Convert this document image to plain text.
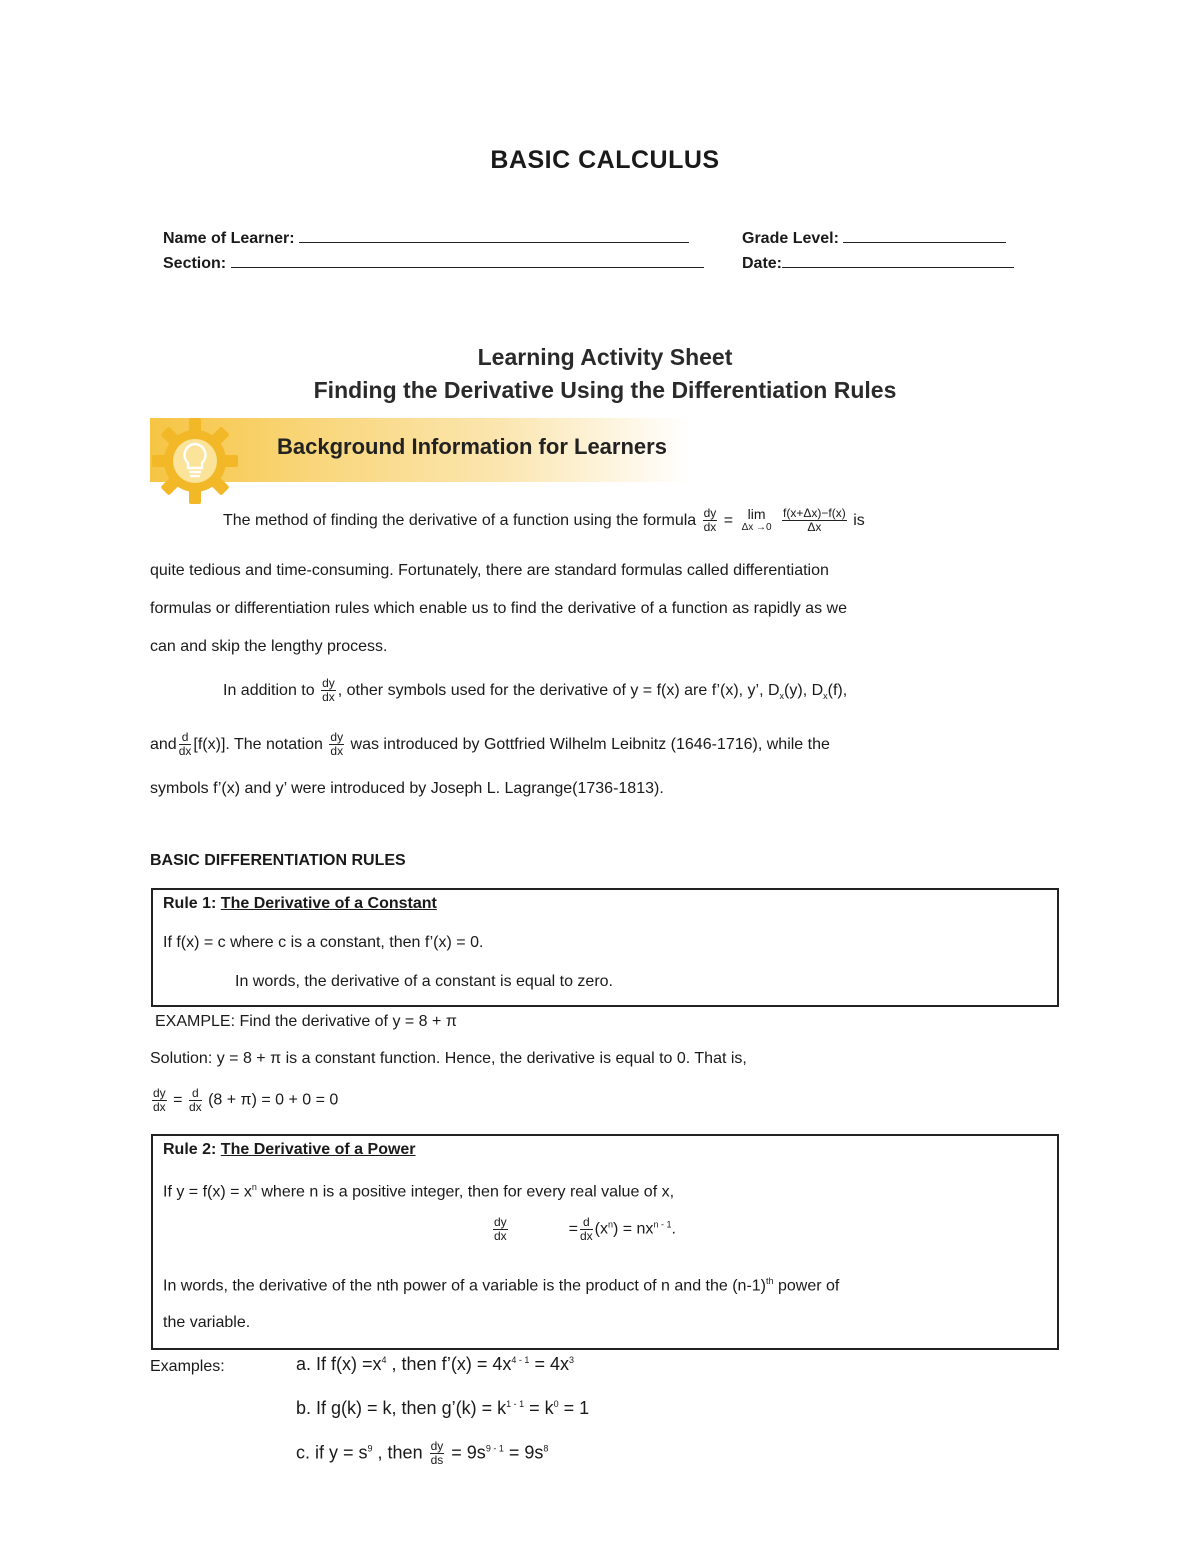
BASIC CALCULUS
Name of Learner:
Section:
Grade Level:
Date:
Learning Activity Sheet
Finding the Derivative Using the Differentiation Rules
Background Information for Learners
The method of finding the derivative of a function using the formula $\frac{dy}{dx} = \lim$
Δx →0
$\frac{f(x+\Delta x)-f(x)}{\Delta x}$ is
quite tedious and time-consuming. Fortunately, there are standard formulas called differentiation
formulas or differentiation rules which enable us to find the derivative of a function as rapidly as we
can and skip the lengthy process.
In addition to $\frac{dy}{dx}$ , other symbols used for the derivative of y = f(x) are f’(x), y’, $D_x(y)$, $D_x(f)$,
and $\frac{d}{dx} [f(x)]$. The notation $\frac{dy}{dx}$ was introduced by Gottfried Wilhelm Leibnitz (1646-1716), while the
symbols f’(x) and y’ were introduced by Joseph L. Lagrange(1736-1813).
BASIC DIFFERENTIATION RULES
Rule 1: The Derivative of a Constant
If f(x) = c where c is a constant, then f’(x) = 0.
In words, the derivative of a constant is equal to zero.
EXAMPLE: Find the derivative of y = 8 + π
Solution: y = 8 + π is a constant function. Hence, the derivative is equal to 0. That is,
$\frac{dy}{dx} = \frac{d}{dx} (8 + \pi) = 0 + 0 = 0$
Rule 2: The Derivative of a Power
If $y = f(x) = x^n$ where n is a positive integer, then for every real value of x,
$\frac{dy}{dx}$	= $\frac{d}{dx} (x^n) = nx^{n - 1}$.
In words, the derivative of the nth power of a variable is the product of n and the $(n-1)^{th}$ power of
the variable.
Examples:	a. If $f(x) =x^4$ , then f’(x) = $4x^{4 - 1} = 4x^3$
b. If g(k) = k, then g’(k) = $k^{1 - 1} = k^0 = 1$
c. if $y = s^9$ , then $\frac{dy}{ds} = 9s^{9 - 1} = 9s^8$
